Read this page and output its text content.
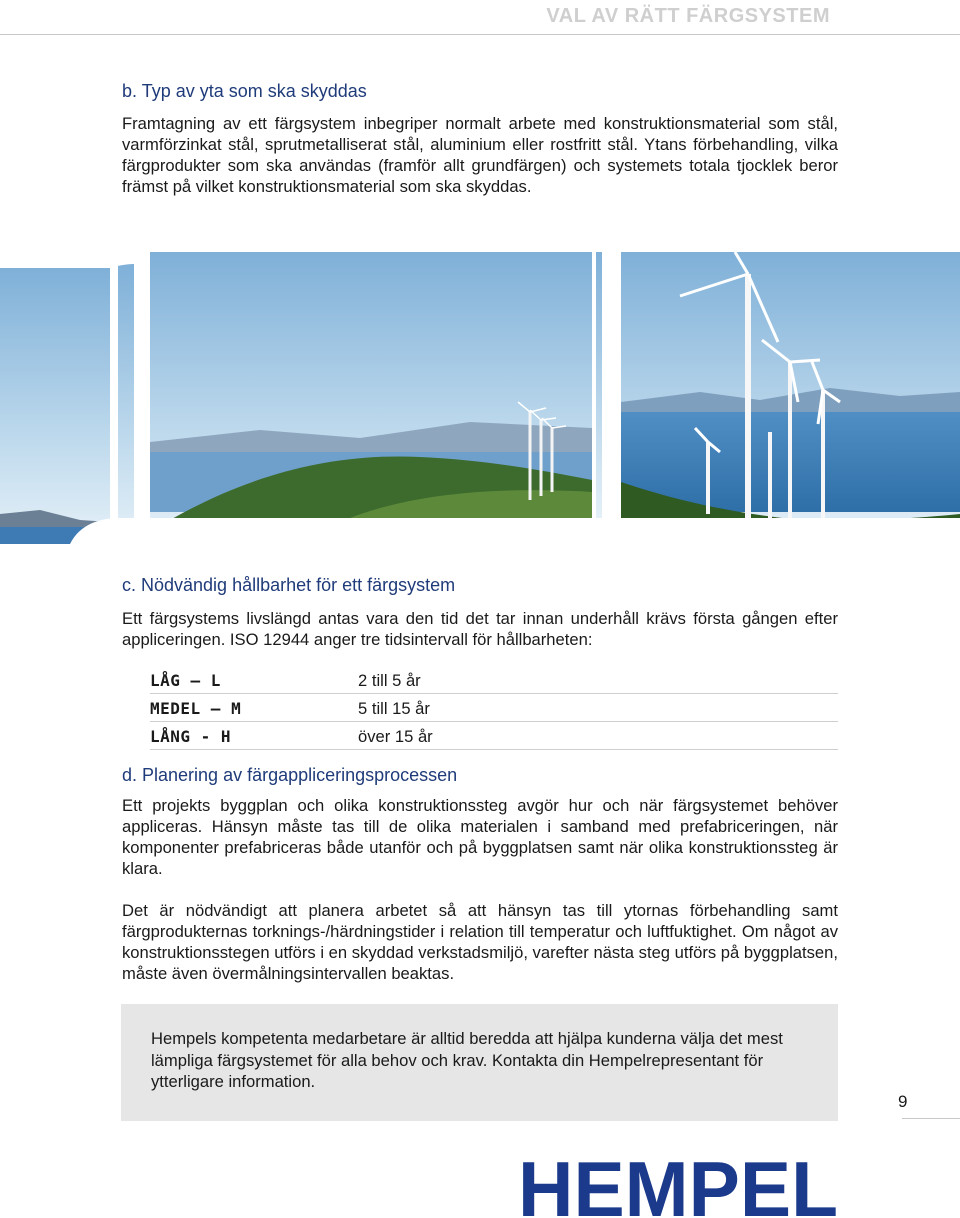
VAL AV RÄTT FÄRGSYSTEM
b. Typ av yta som ska skyddas

Framtagning av ett färgsystem inbegriper normalt arbete med konstruktionsmaterial som stål, varmförzinkat stål, sprutmetalliserat stål, aluminium eller rostfritt stål. Ytans förbehandling, vilka färgprodukter som ska användas (framför allt grundfärgen) och systemets totala tjocklek beror främst på vilket konstruktionsmaterial som ska skyddas.

c. Nödvändig hållbarhet för ett färgsystem

Ett färgsystems livslängd antas vara den tid det tar innan underhåll krävs första gången efter appliceringen. ISO 12944 anger tre tidsintervall för hållbarheten:

LÅG – L	2 till 5 år
MEDEL – M	5 till 15 år
LÅNG - H	över 15 år
d. Planering av färgappliceringsprocessen

Ett projekts byggplan och olika konstruktionssteg avgör hur och när färgsystemet behöver appliceras. Hänsyn måste tas till de olika materialen i samband med prefabriceringen, när komponenter prefabriceras både utanför och på byggplatsen samt när olika konstruktionssteg är klara.

Det är nödvändigt att planera arbetet så att hänsyn tas till ytornas förbehandling samt färgprodukternas torknings-/härdningstider i relation till temperatur och luftfuktighet. Om något av konstruktionsstegen utförs i en skyddad verkstadsmiljö, varefter nästa steg utförs på byggplatsen, måste även övermålningsintervallen beaktas.

Hempels kompetenta medarbetare är alltid beredda att hjälpa kunderna välja det mest lämpliga färgsystemet för alla behov och krav. Kontakta din Hempelrepresentant för ytterligare information.
9
HEMPEL
